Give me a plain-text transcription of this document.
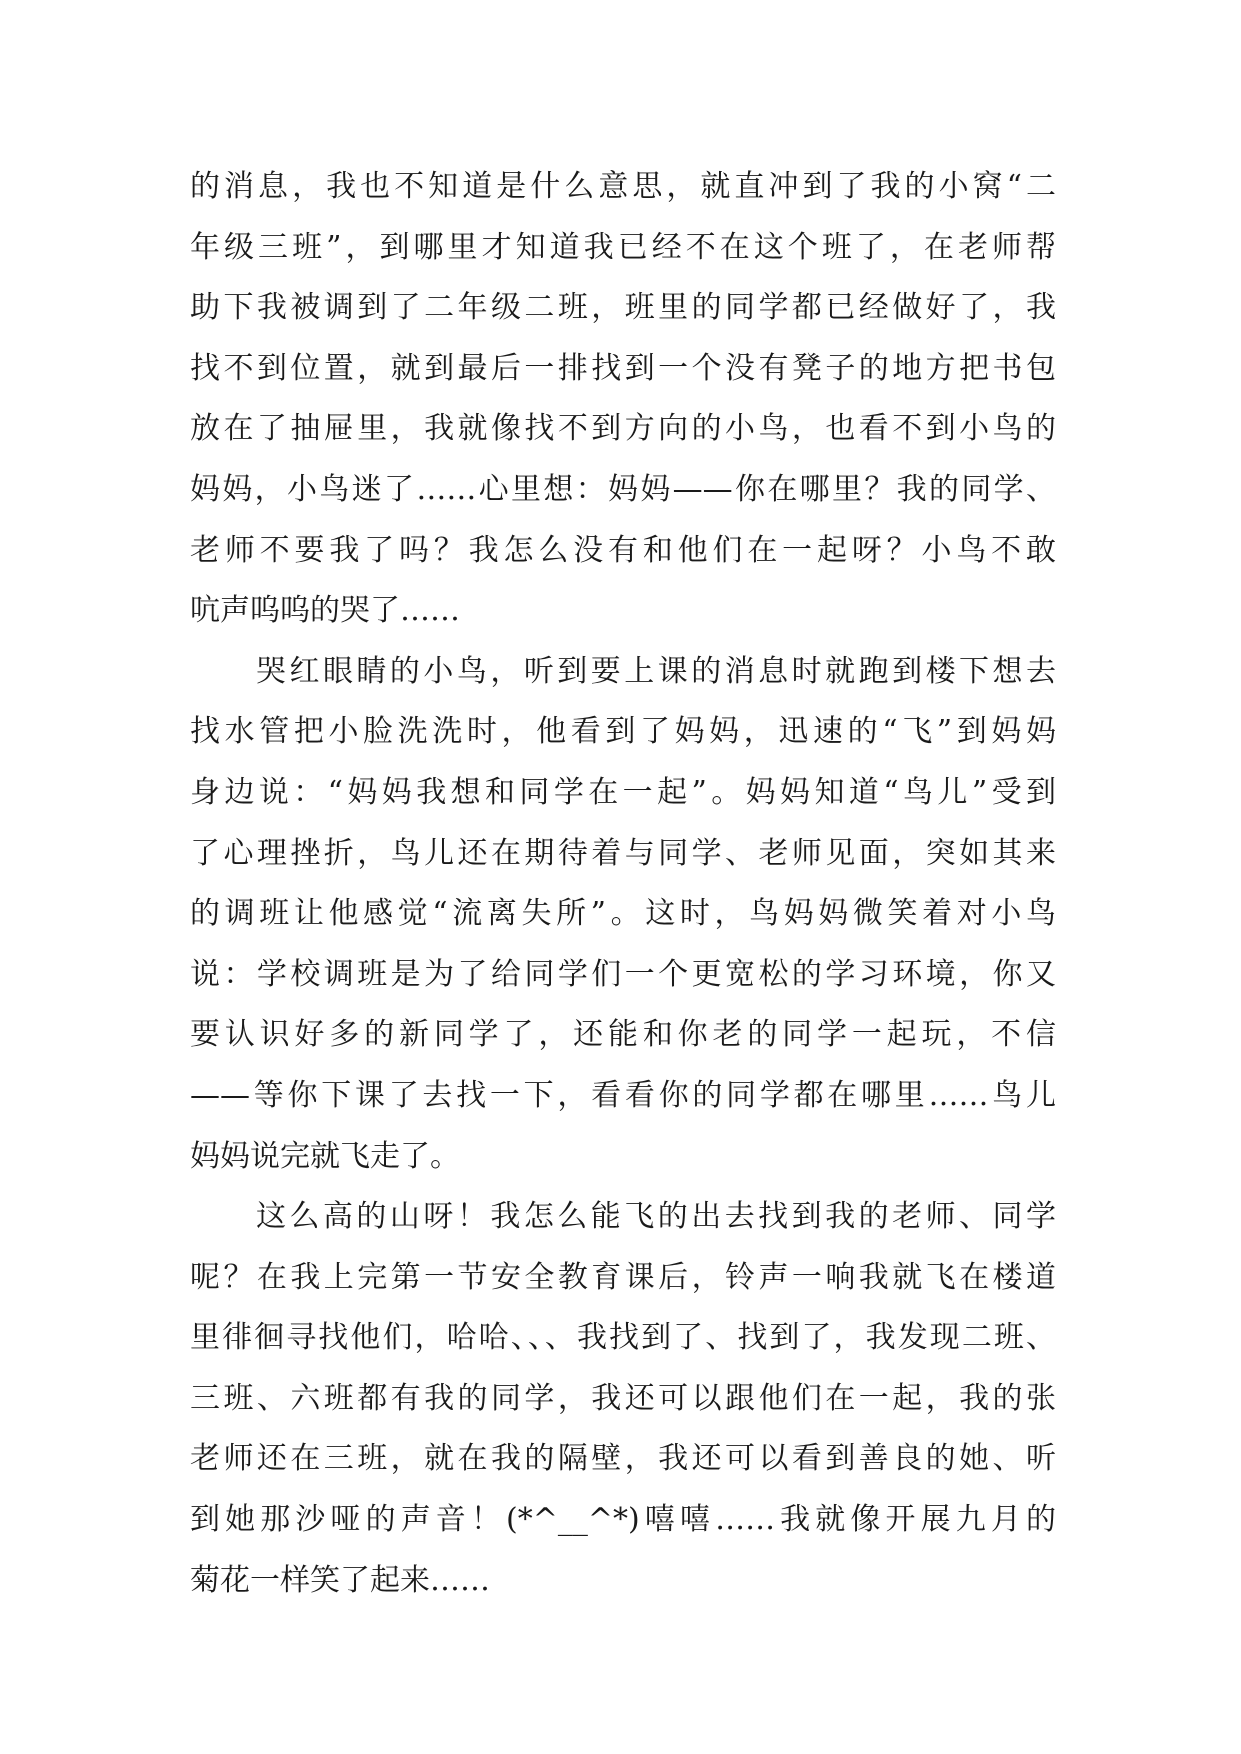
的消息，我也不知道是什么意思，就直冲到了我的小窝“二
年级三班”，到哪里才知道我已经不在这个班了，在老师帮
助下我被调到了二年级二班，班里的同学都已经做好了，我
找不到位置，就到最后一排找到一个没有凳子的地方把书包
放在了抽屉里，我就像找不到方向的小鸟，也看不到小鸟的
妈妈，小鸟迷了……心里想：妈妈——你在哪里？我的同学、
老师不要我了吗？我怎么没有和他们在一起呀？小鸟不敢
吭声呜呜的哭了……
哭红眼睛的小鸟，听到要上课的消息时就跑到楼下想去
找水管把小脸洗洗时，他看到了妈妈，迅速的“飞”到妈妈
身边说：“妈妈我想和同学在一起”。妈妈知道“鸟儿”受到
了心理挫折，鸟儿还在期待着与同学、老师见面，突如其来
的调班让他感觉“流离失所”。这时，鸟妈妈微笑着对小鸟
说：学校调班是为了给同学们一个更宽松的学习环境，你又
要认识好多的新同学了，还能和你老的同学一起玩，不信
——等你下课了去找一下，看看你的同学都在哪里……鸟儿
妈妈说完就飞走了。
这么高的山呀！我怎么能飞的出去找到我的老师、同学
呢？在我上完第一节安全教育课后，铃声一响我就飞在楼道
里徘徊寻找他们，哈哈、、、我找到了、找到了，我发现二班、
三班、六班都有我的同学，我还可以跟他们在一起，我的张
老师还在三班，就在我的隔壁，我还可以看到善良的她、听
到她那沙哑的声音！(*^__^*)嘻嘻……我就像开展九月的
菊花一样笑了起来……
